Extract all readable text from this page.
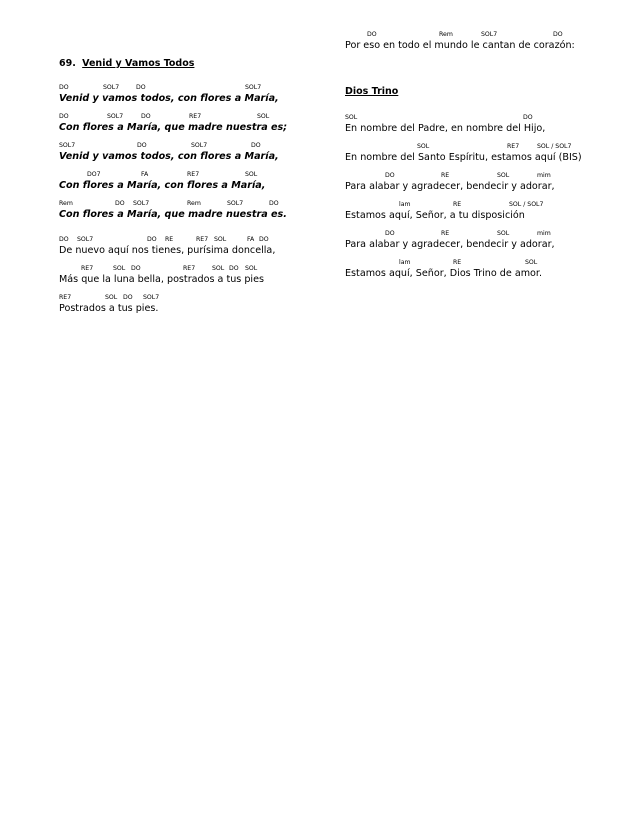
69. Venid y Vamos Todos
DO	SOL7	DO	SOL7
Venid y vamos todos, con flores a María,
DO	SOL7	DO	RE7	SOL
Con flores a María, que madre nuestra es;
SOL7	DO	SOL7	DO
Venid y vamos todos, con flores a María,
DO7	FA	RE7	SOL
Con flores a María, con flores a María,
Rem	DO SOL7	Rem	SOL7	DO
Con flores a María, que madre nuestra es.
DO SOL7	DO RE	RE7 SOL	FA DO
De nuevo aquí nos tienes, purísima doncella,
RE7	SOL DO	RE7	SOL DO SOL
Más que la luna bella, postrados a tus pies
RE7	SOL DO SOL7
Postrados a tus pies.
DO	Rem	SOL7	DO
Por eso en todo el mundo le cantan de corazón:
Dios Trino
SOL	DO
En nombre del Padre, en nombre del Hijo,
SOL	RE7	SOL / SOL7
En nombre del Santo Espíritu, estamos aquí (BIS)
DO	RE	SOL	mim
Para alabar y agradecer, bendecir y adorar,
lam	RE	SOL / SOL7
Estamos aquí, Señor, a tu disposición
DO	RE	SOL	mim
Para alabar y agradecer, bendecir y adorar,
lam	RE	SOL
Estamos aquí, Señor, Dios Trino de amor.
